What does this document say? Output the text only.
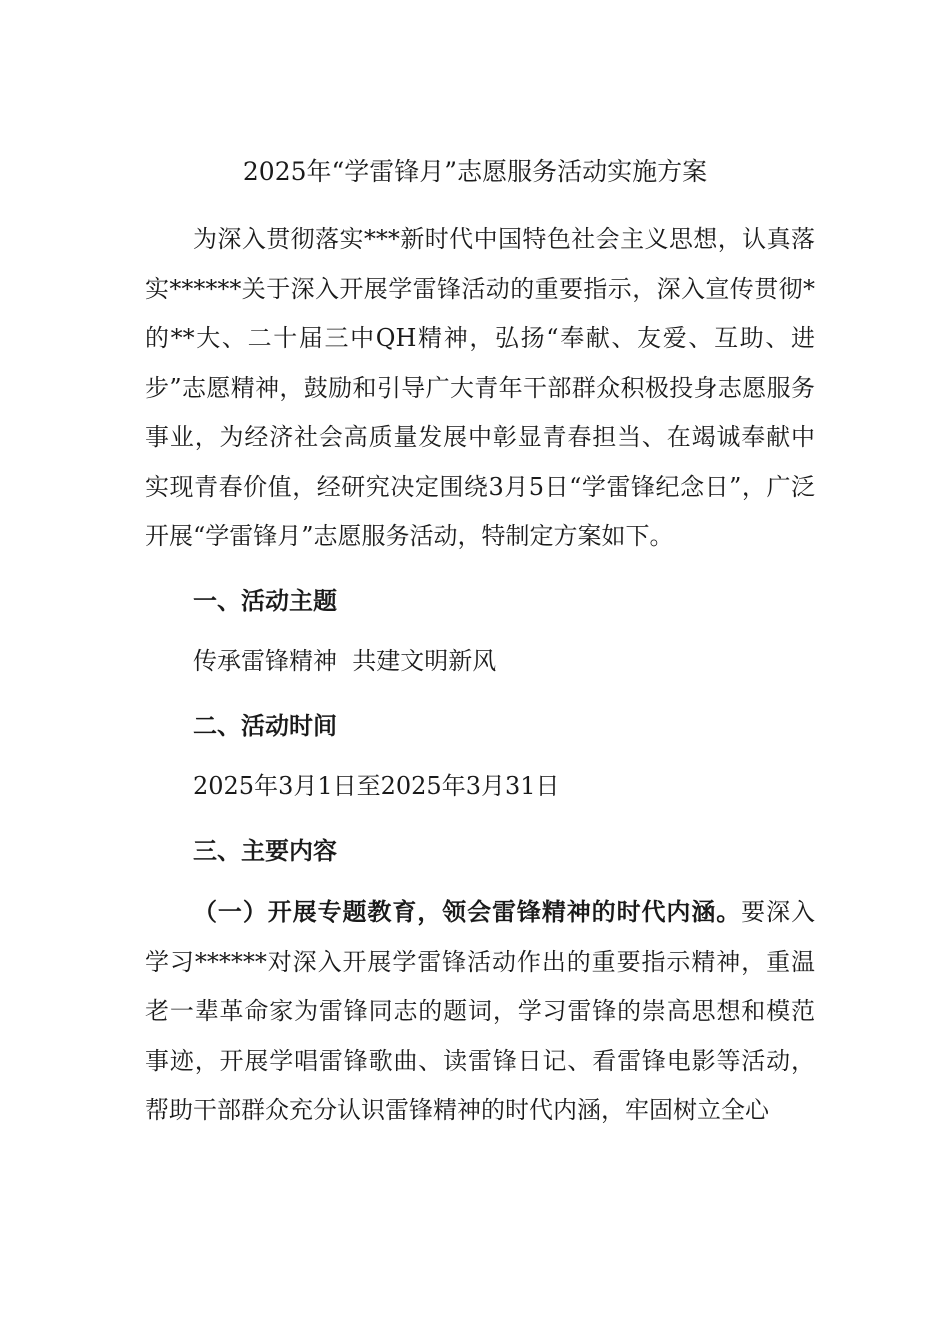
2025年“学雷锋月”志愿服务活动实施方案

为深入贯彻落实***新时代中国特色社会主义思想，认真落实******关于深入开展学雷锋活动的重要指示，深入宣传贯彻*的**大、二十届三中QH精神，弘扬“奉献、友爱、互助、进步”志愿精神，鼓励和引导广大青年干部群众积极投身志愿服务事业，为经济社会高质量发展中彰显青春担当、在竭诚奉献中实现青春价值，经研究决定围绕3月5日“学雷锋纪念日”，广泛开展“学雷锋月”志愿服务活动，特制定方案如下。

一、活动主题
传承雷锋精神  共建文明新风
二、活动时间
2025年3月1日至2025年3月31日
三、主要内容

（一）开展专题教育，领会雷锋精神的时代内涵。要深入学习******对深入开展学雷锋活动作出的重要指示精神，重温老一辈革命家为雷锋同志的题词，学习雷锋的崇高思想和模范事迹，开展学唱雷锋歌曲、读雷锋日记、看雷锋电影等活动，帮助干部群众充分认识雷锋精神的时代内涵，牢固树立全心
